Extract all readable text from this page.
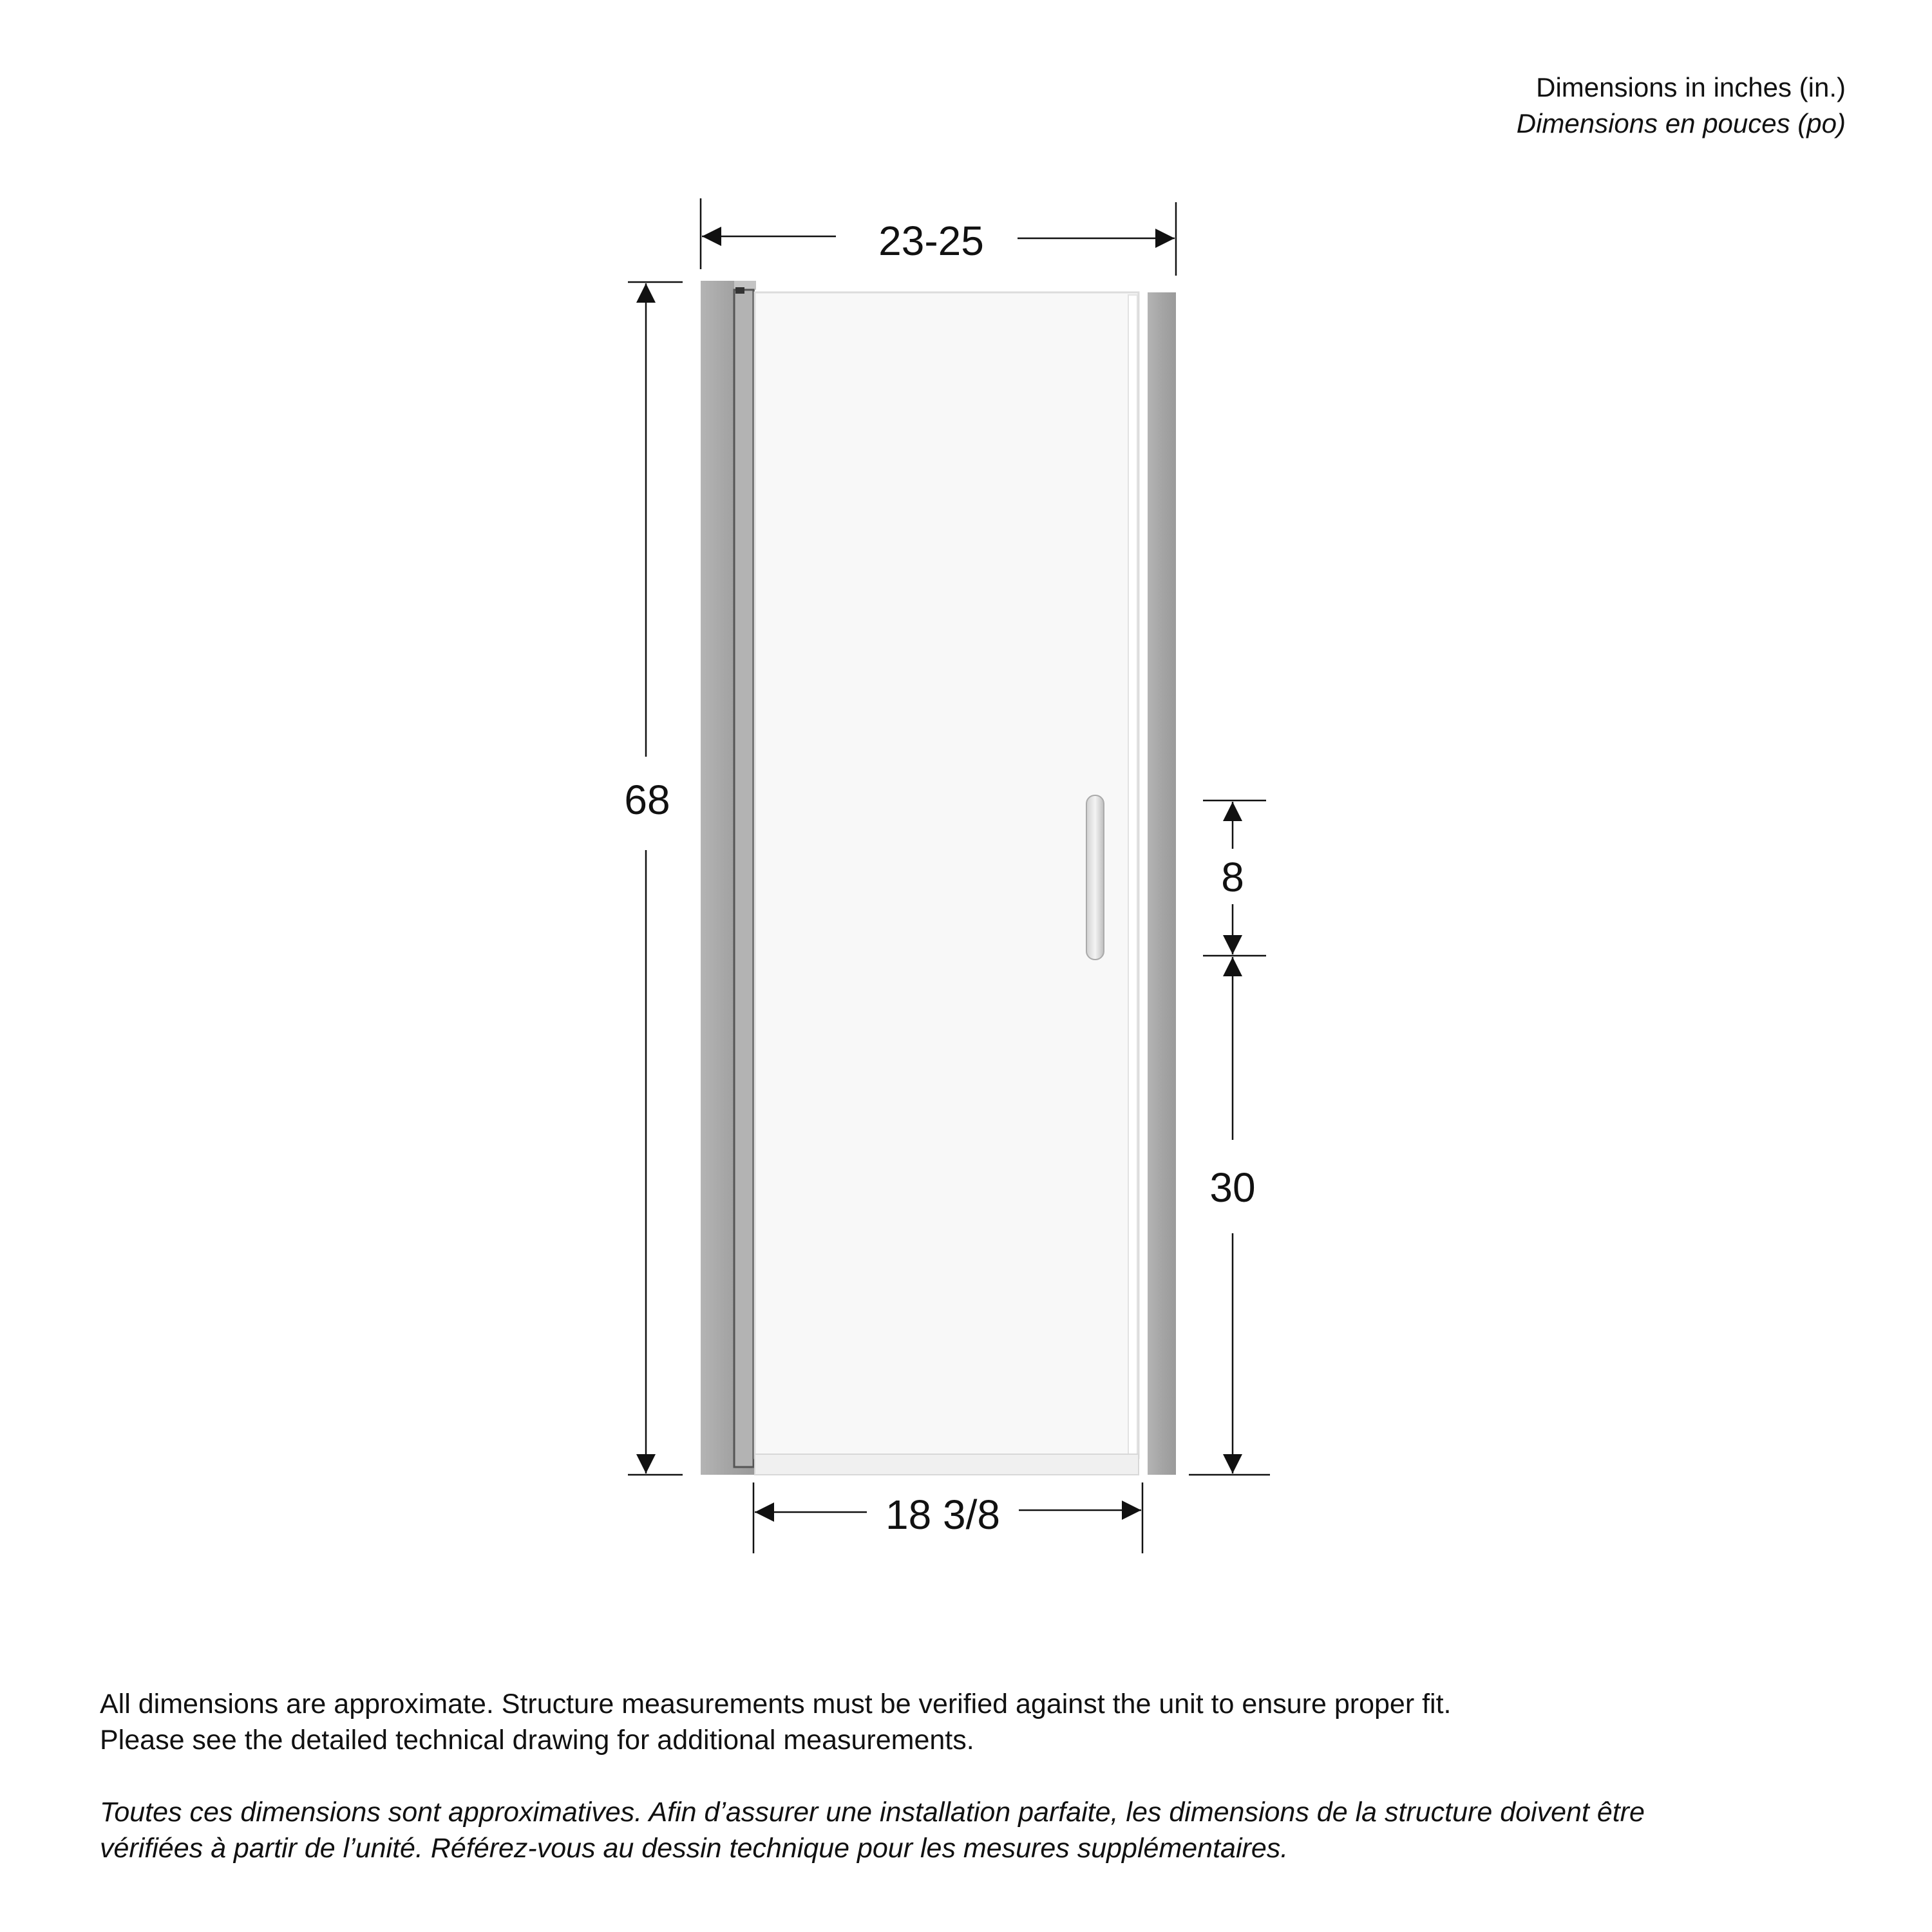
23-25
68
8
30
18 3/8
Dimensions in inches (in.)
Dimensions en pouces (po)

All dimensions are approximate. Structure measurements must be verified against the unit to ensure proper fit.

Please see the detailed technical drawing for additional measurements.

Toutes ces dimensions sont approximatives. Afin d’assurer une installation parfaite, les dimensions de la structure doivent être

vérifiées à partir de l’unité. Référez-vous au dessin technique pour les mesures supplémentaires.
